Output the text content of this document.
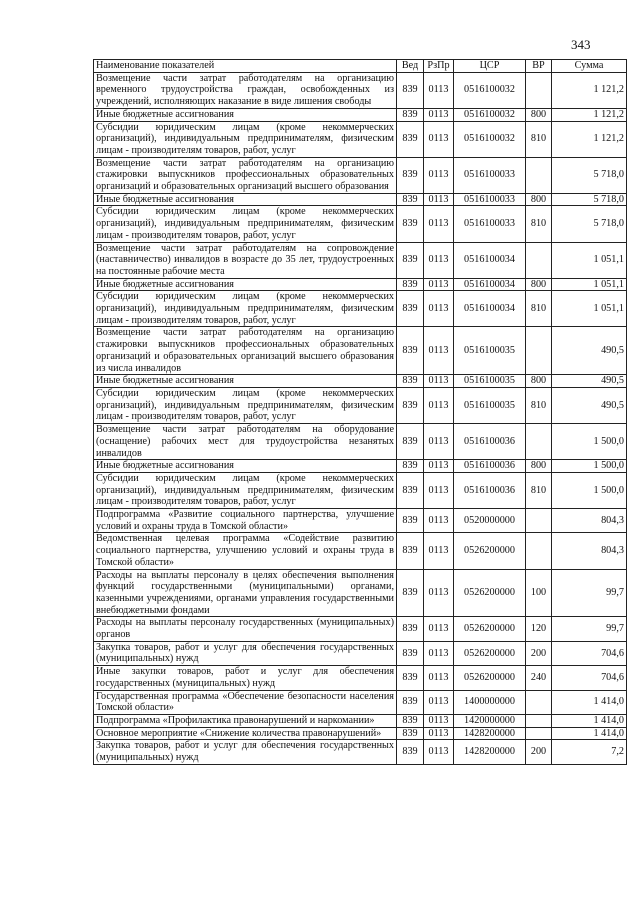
343
Наименование показателей	Вед	РзПр	ЦСР	ВР	Сумма
Возмещение части затрат работодателям на организацию временного трудоустройства граждан, освобожденных из учреждений, исполняющих наказание в виде лишения свободы	839	0113	0516100032		1 121,2
Иные бюджетные ассигнования	839	0113	0516100032	800	1 121,2
Субсидии юридическим лицам (кроме некоммерческих организаций), индивидуальным предпринимателям, физическим лицам - производителям товаров, работ, услуг	839	0113	0516100032	810	1 121,2
Возмещение части затрат работодателям на организацию стажировки выпускников профессиональных образовательных организаций и образовательных организаций высшего образования	839	0113	0516100033		5 718,0
Иные бюджетные ассигнования	839	0113	0516100033	800	5 718,0
Субсидии юридическим лицам (кроме некоммерческих организаций), индивидуальным предпринимателям, физическим лицам - производителям товаров, работ, услуг	839	0113	0516100033	810	5 718,0
Возмещение части затрат работодателям на сопровождение (наставничество) инвалидов в возрасте до 35 лет, трудоустроенных на постоянные рабочие места	839	0113	0516100034		1 051,1
Иные бюджетные ассигнования	839	0113	0516100034	800	1 051,1
Субсидии юридическим лицам (кроме некоммерческих организаций), индивидуальным предпринимателям, физическим лицам - производителям товаров, работ, услуг	839	0113	0516100034	810	1 051,1
Возмещение части затрат работодателям на организацию стажировки выпускников профессиональных образовательных организаций и образовательных организаций высшего образования из числа инвалидов	839	0113	0516100035		490,5
Иные бюджетные ассигнования	839	0113	0516100035	800	490,5
Субсидии юридическим лицам (кроме некоммерческих организаций), индивидуальным предпринимателям, физическим лицам - производителям товаров, работ, услуг	839	0113	0516100035	810	490,5
Возмещение части затрат работодателям на оборудование (оснащение) рабочих мест для трудоустройства незанятых инвалидов	839	0113	0516100036		1 500,0
Иные бюджетные ассигнования	839	0113	0516100036	800	1 500,0
Субсидии юридическим лицам (кроме некоммерческих организаций), индивидуальным предпринимателям, физическим лицам - производителям товаров, работ, услуг	839	0113	0516100036	810	1 500,0
Подпрограмма «Развитие социального партнерства, улучшение условий и охраны труда в Томской области»	839	0113	0520000000		804,3
Ведомственная целевая программа «Содействие развитию социального партнерства, улучшению условий и охраны труда в Томской области»	839	0113	0526200000		804,3
Расходы на выплаты персоналу в целях обеспечения выполнения функций государственными (муниципальными) органами, казенными учреждениями, органами управления государственными внебюджетными фондами	839	0113	0526200000	100	99,7
Расходы на выплаты персоналу государственных (муниципальных) органов	839	0113	0526200000	120	99,7
Закупка товаров, работ и услуг для обеспечения государственных (муниципальных) нужд	839	0113	0526200000	200	704,6
Иные закупки товаров, работ и услуг для обеспечения государственных (муниципальных) нужд	839	0113	0526200000	240	704,6
Государственная программа «Обеспечение безопасности населения Томской области»	839	0113	1400000000		1 414,0
Подпрограмма «Профилактика правонарушений и наркомании»	839	0113	1420000000		1 414,0
Основное мероприятие «Снижение количества правонарушений»	839	0113	1428200000		1 414,0
Закупка товаров, работ и услуг для обеспечения государственных (муниципальных) нужд	839	0113	1428200000	200	7,2
